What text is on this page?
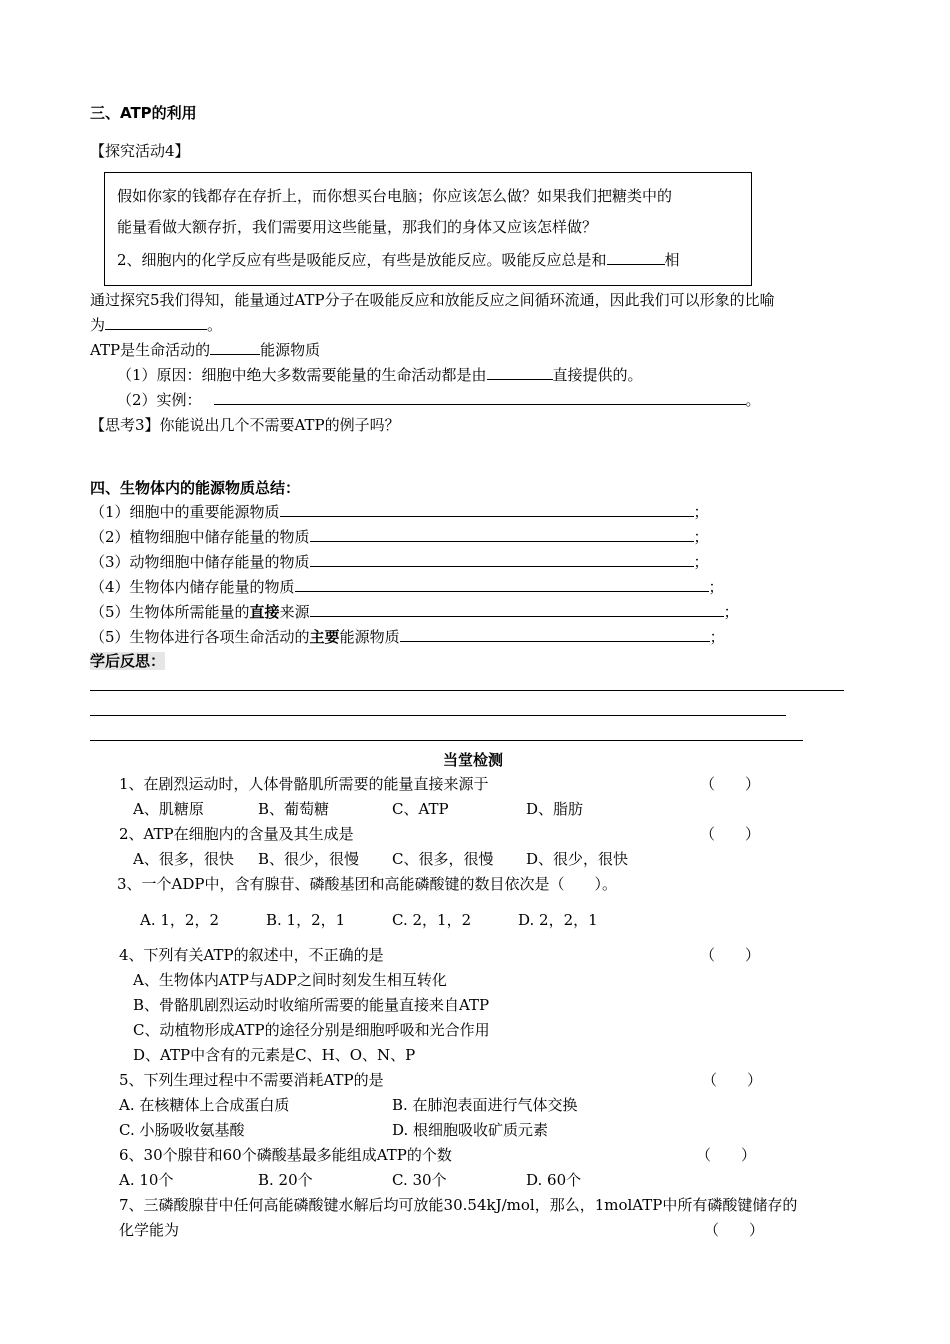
三、ATP的利用
【探究活动4】
假如你家的钱都存在存折上，而你想买台电脑；你应该怎么做？如果我们把糖类中的
能量看做大额存折，我们需要用这些能量，那我们的身体又应该怎样做？
2、细胞内的化学反应有些是吸能反应，有些是放能反应。吸能反应总是和	相
通过探究5我们得知，能量通过ATP分子在吸能反应和放能反应之间循环流通，因此我们可以形象的比喻
为	。
ATP是生命活动的	能源物质
（1）原因：细胞中绝大多数需要能量的生命活动都是由	直接提供的。
（2）实例：	。
【思考3】你能说出几个不需要ATP的例子吗？
四、生物体内的能源物质总结：
（1）细胞中的重要能源物质	；
（2）植物细胞中储存能量的物质	；
（3）动物细胞中储存能量的物质	；
（4）生物体内储存能量的物质	；
（5）生物体所需能量的直接来源	；
（5）生物体进行各项生命活动的主要能源物质	；
学后反思：
当堂检测
1、在剧烈运动时，人体骨骼肌所需要的能量直接来源于	（　　）
A、肌糖原	B、葡萄糖	C、ATP	D、脂肪
2、ATP在细胞内的含量及其生成是	（　　）
A、很多，很快 B、很少，很慢 C、很多，很慢 D、很少，很快
3、一个ADP中，含有腺苷、磷酸基团和高能磷酸键的数目依次是（　　）。
A. 1，2，2	B. 1，2，1	C. 2，1，2	D. 2，2，1
4、下列有关ATP的叙述中，不正确的是	（　　）
A、生物体内ATP与ADP之间时刻发生相互转化
B、骨骼肌剧烈运动时收缩所需要的能量直接来自ATP
C、动植物形成ATP的途径分别是细胞呼吸和光合作用
D、ATP中含有的元素是C、H、O、N、P
5、下列生理过程中不需要消耗ATP的是	（　　）
A. 在核糖体上合成蛋白质	B. 在肺泡表面进行气体交换
C. 小肠吸收氨基酸	D. 根细胞吸收矿质元素
6、30个腺苷和60个磷酸基最多能组成ATP的个数	（　　）
A. 10个	B. 20个	C. 30个	D. 60个
7、三磷酸腺苷中任何高能磷酸键水解后均可放能30.54kJ/mol，那么，1molATP中所有磷酸键储存的
化学能为	（　　）
